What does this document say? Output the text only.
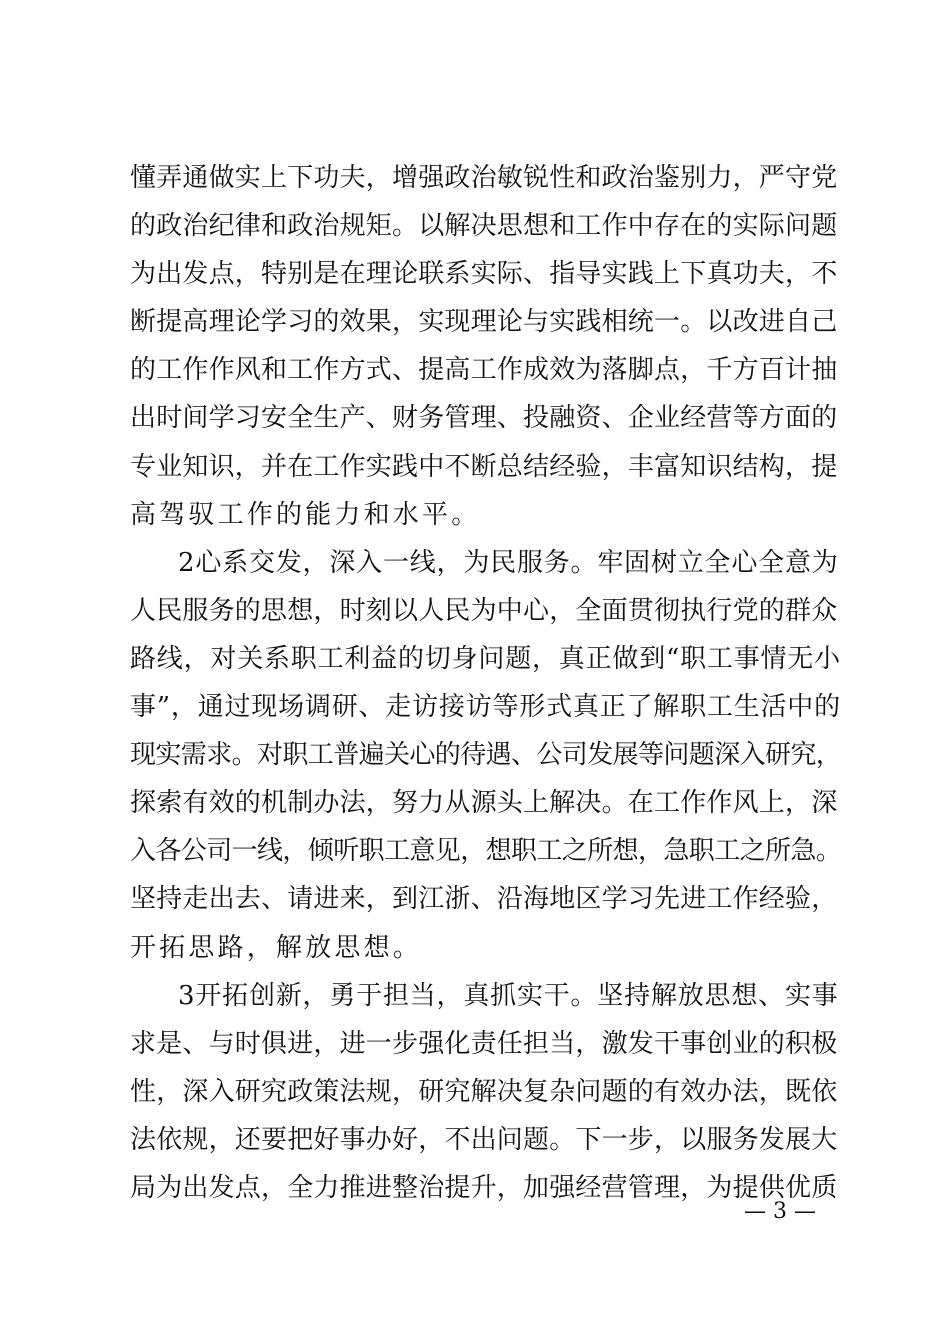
懂弄通做实上下功夫，增强政治敏锐性和政治鉴别力，严守党
的政治纪律和政治规矩。以解决思想和工作中存在的实际问题
为出发点，特别是在理论联系实际、指导实践上下真功夫，不
断提高理论学习的效果，实现理论与实践相统一。以改进自己
的工作作风和工作方式、提高工作成效为落脚点，千方百计抽
出时间学习安全生产、财务管理、投融资、企业经营等方面的
专业知识，并在工作实践中不断总结经验，丰富知识结构，提
高驾驭工作的能力和水平。
2心系交发，深入一线，为民服务。牢固树立全心全意为
人民服务的思想，时刻以人民为中心，全面贯彻执行党的群众
路线，对关系职工利益的切身问题，真正做到“职工事情无小
事”，通过现场调研、走访接访等形式真正了解职工生活中的
现实需求。对职工普遍关心的待遇、公司发展等问题深入研究，
探索有效的机制办法，努力从源头上解决。在工作作风上，深
入各公司一线，倾听职工意见，想职工之所想，急职工之所急。
坚持走出去、请进来，到江浙、沿海地区学习先进工作经验，
开拓思路，解放思想。
3开拓创新，勇于担当，真抓实干。坚持解放思想、实事
求是、与时俱进，进一步强化责任担当，激发干事创业的积极
性，深入研究政策法规，研究解决复杂问题的有效办法，既依
法依规，还要把好事办好，不出问题。下一步，以服务发展大
局为出发点，全力推进整治提升，加强经营管理，为提供优质
— 3 —
